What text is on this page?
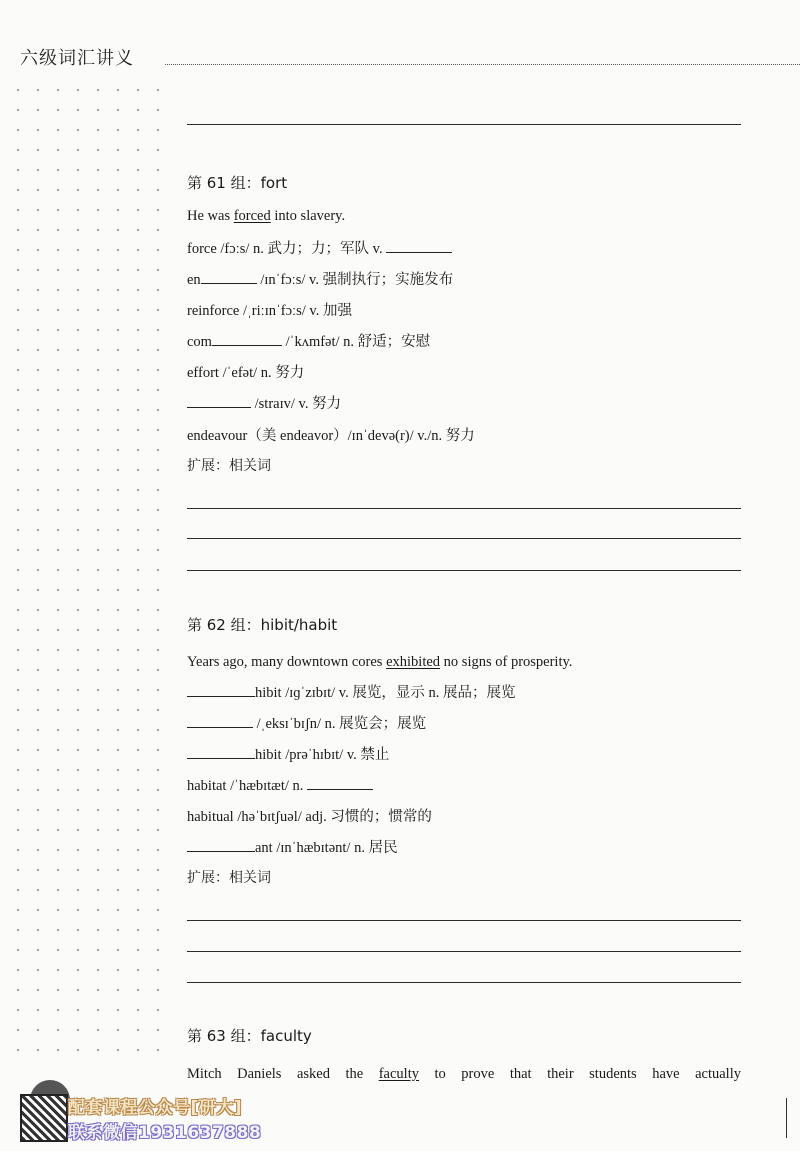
六级词汇讲义
第 61 组：fort
He was forced into slavery.
force /fɔːs/ n. 武力；力；军队 v.
en	/ɪnˈfɔːs/ v. 强制执行；实施发布
reinforce /ˌriːɪnˈfɔːs/ v. 加强
com	/ˈkʌmfət/ n. 舒适；安慰
effort /ˈefət/ n. 努力
/straɪv/ v. 努力
endeavour（美 endeavor）/ɪnˈdevə(r)/ v./n. 努力
扩展：相关词
第 62 组：hibit/habit
Years ago, many downtown cores exhibited no signs of prosperity.
hibit /ɪɡˈzɪbɪt/ v. 展览，显示 n. 展品；展览
/ˌeksɪˈbɪʃn/ n. 展览会；展览
hibit /prəˈhɪbɪt/ v. 禁止
habitat /ˈhæbɪtæt/ n.
habitual /həˈbɪtʃuəl/ adj. 习惯的；惯常的
ant /ɪnˈhæbɪtənt/ n. 居民
扩展：相关词
第 63 组：faculty
Mitch Daniels asked the faculty to prove that their students have actually
配套课程公众号[研大]
联系微信1931637888
